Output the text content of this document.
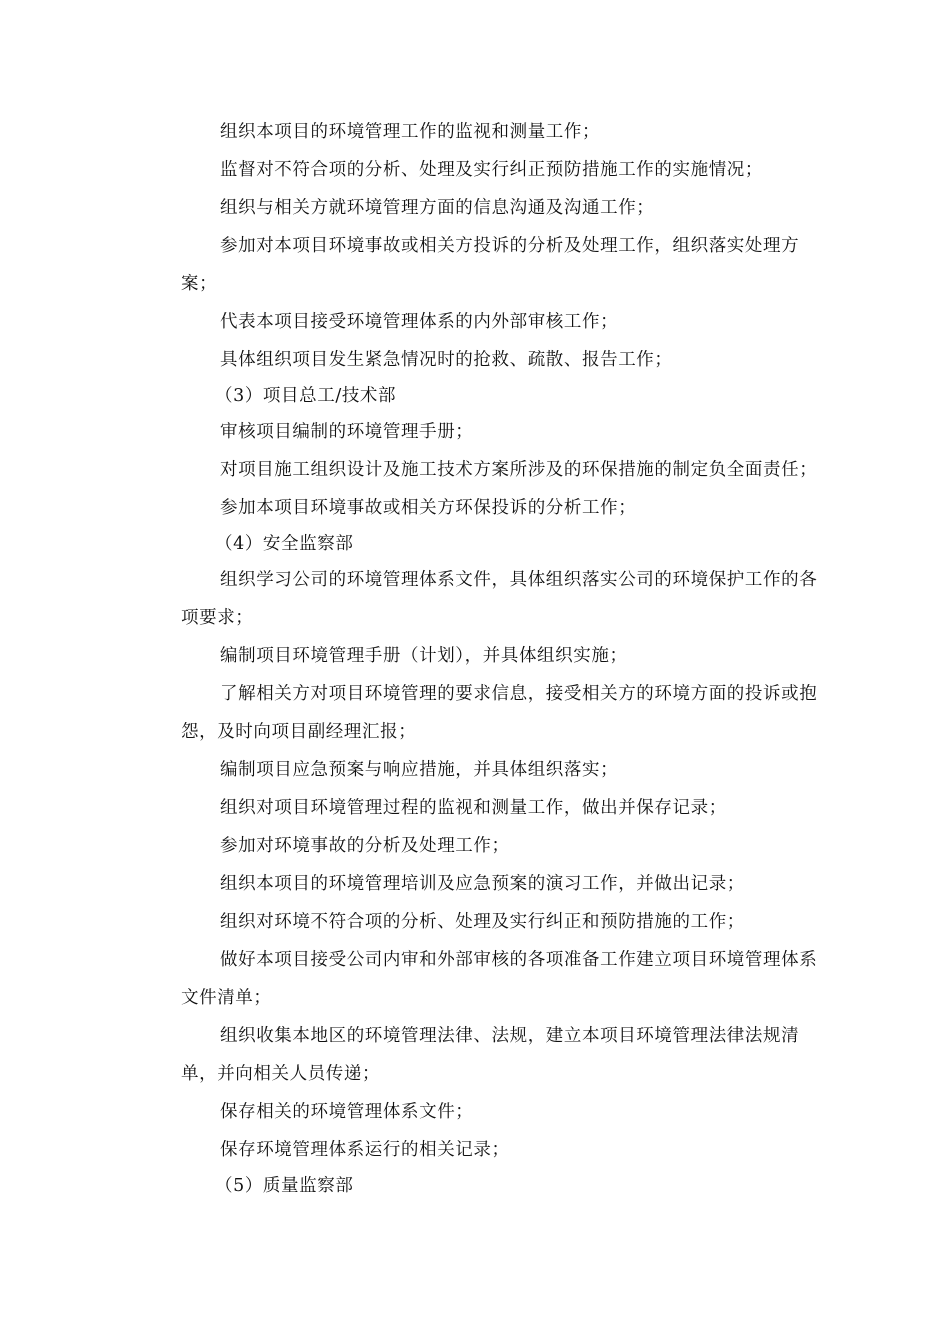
组织本项目的环境管理工作的监视和测量工作；

监督对不符合项的分析、处理及实行纠正预防措施工作的实施情况；

组织与相关方就环境管理方面的信息沟通及沟通工作；

参加对本项目环境事故或相关方投诉的分析及处理工作，组织落实处理方案；

代表本项目接受环境管理体系的内外部审核工作；

具体组织项目发生紧急情况时的抢救、疏散、报告工作；

（3）项目总工/技术部

审核项目编制的环境管理手册；

对项目施工组织设计及施工技术方案所涉及的环保措施的制定负全面责任；

参加本项目环境事故或相关方环保投诉的分析工作；

（4）安全监察部

组织学习公司的环境管理体系文件，具体组织落实公司的环境保护工作的各项要求；

编制项目环境管理手册（计划），并具体组织实施；

了解相关方对项目环境管理的要求信息，接受相关方的环境方面的投诉或抱怨，及时向项目副经理汇报；

编制项目应急预案与响应措施，并具体组织落实；

组织对项目环境管理过程的监视和测量工作，做出并保存记录；

参加对环境事故的分析及处理工作；

组织本项目的环境管理培训及应急预案的演习工作，并做出记录；

组织对环境不符合项的分析、处理及实行纠正和预防措施的工作；

做好本项目接受公司内审和外部审核的各项准备工作建立项目环境管理体系文件清单；

组织收集本地区的环境管理法律、法规，建立本项目环境管理法律法规清单，并向相关人员传递；

保存相关的环境管理体系文件；

保存环境管理体系运行的相关记录；

（5）质量监察部
